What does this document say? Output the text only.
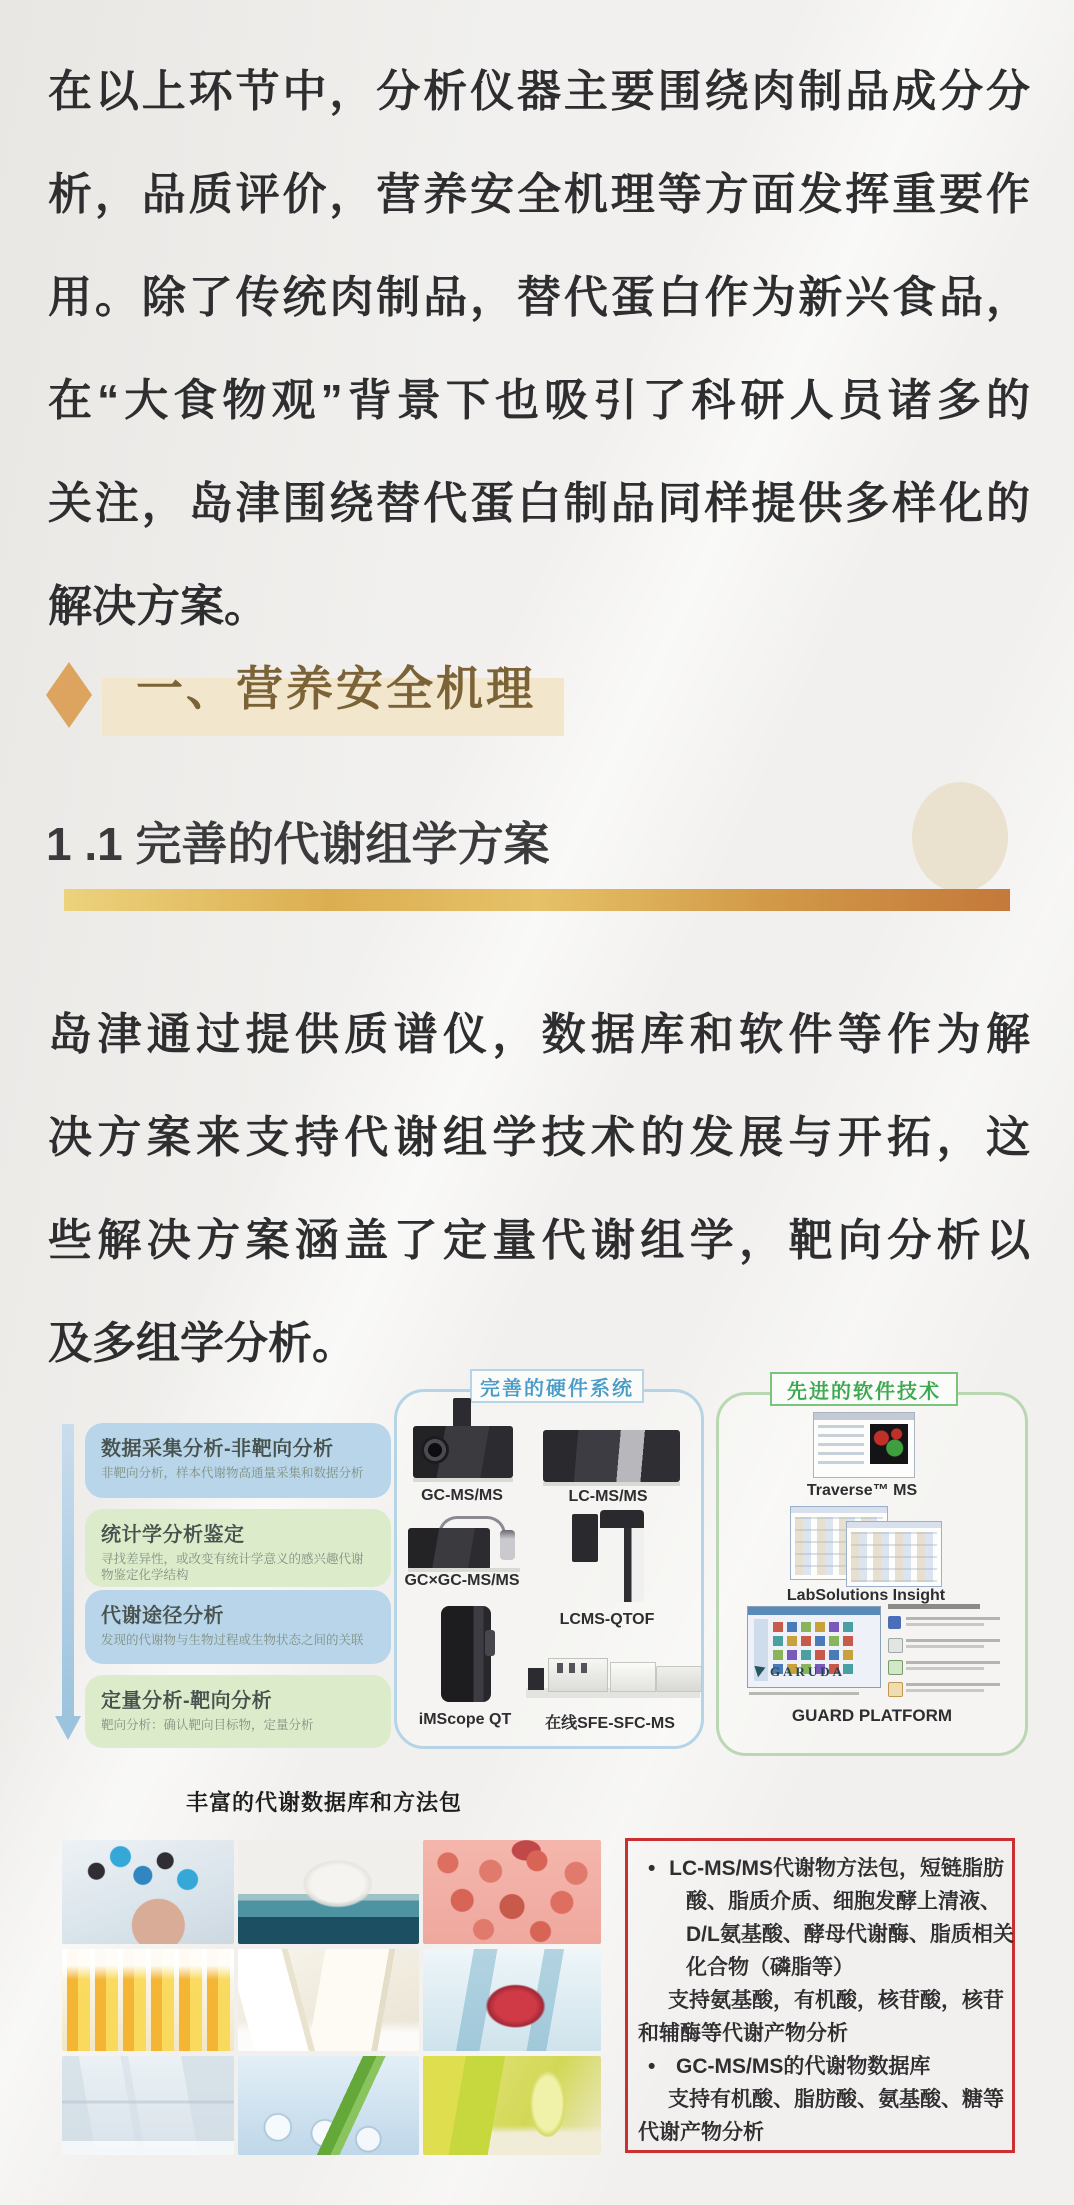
在以上环节中，分析仪器主要围绕肉制品成分分
析，品质评价，营养安全机理等方面发挥重要作
用。除了传统肉制品，替代蛋白作为新兴食品，
在“大食物观”背景下也吸引了科研人员诸多的
关注，岛津围绕替代蛋白制品同样提供多样化的
解决方案。
一、营养安全机理
1 .1 完善的代谢组学方案
岛津通过提供质谱仪，数据库和软件等作为解
决方案来支持代谢组学技术的发展与开拓，这
些解决方案涵盖了定量代谢组学，靶向分析以
及多组学分析。
数据采集分析-非靶向分析
非靶向分析，样本代谢物高通量采集和数据分析
统计学分析鉴定
寻找差异性，或改变有统计学意义的感兴趣代谢物鉴定化学结构
代谢途径分析
发现的代谢物与生物过程或生物状态之间的关联
定量分析-靶向分析
靶向分析：确认靶向目标物，定量分析
完善的硬件系统
GC-MS/MS	LC-MS/MS
GC×GC-MS/MS
LCMS-QTOF
iMScope QT	在线SFE-SFC-MS
先进的软件技术
Traverse™ MS
LabSolutions Insight
GARUDA
GUARD PLATFORM
丰富的代谢数据库和方法包
• LC-MS/MS代谢物方法包，短链脂肪
酸、脂质介质、细胞发酵上清液、
D/L氨基酸、酵母代谢酶、脂质相关
化合物（磷脂等）
支持氨基酸，有机酸，核苷酸，核苷
和辅酶等代谢产物分析
• GC-MS/MS的代谢物数据库
支持有机酸、脂肪酸、氨基酸、糖等
代谢产物分析
